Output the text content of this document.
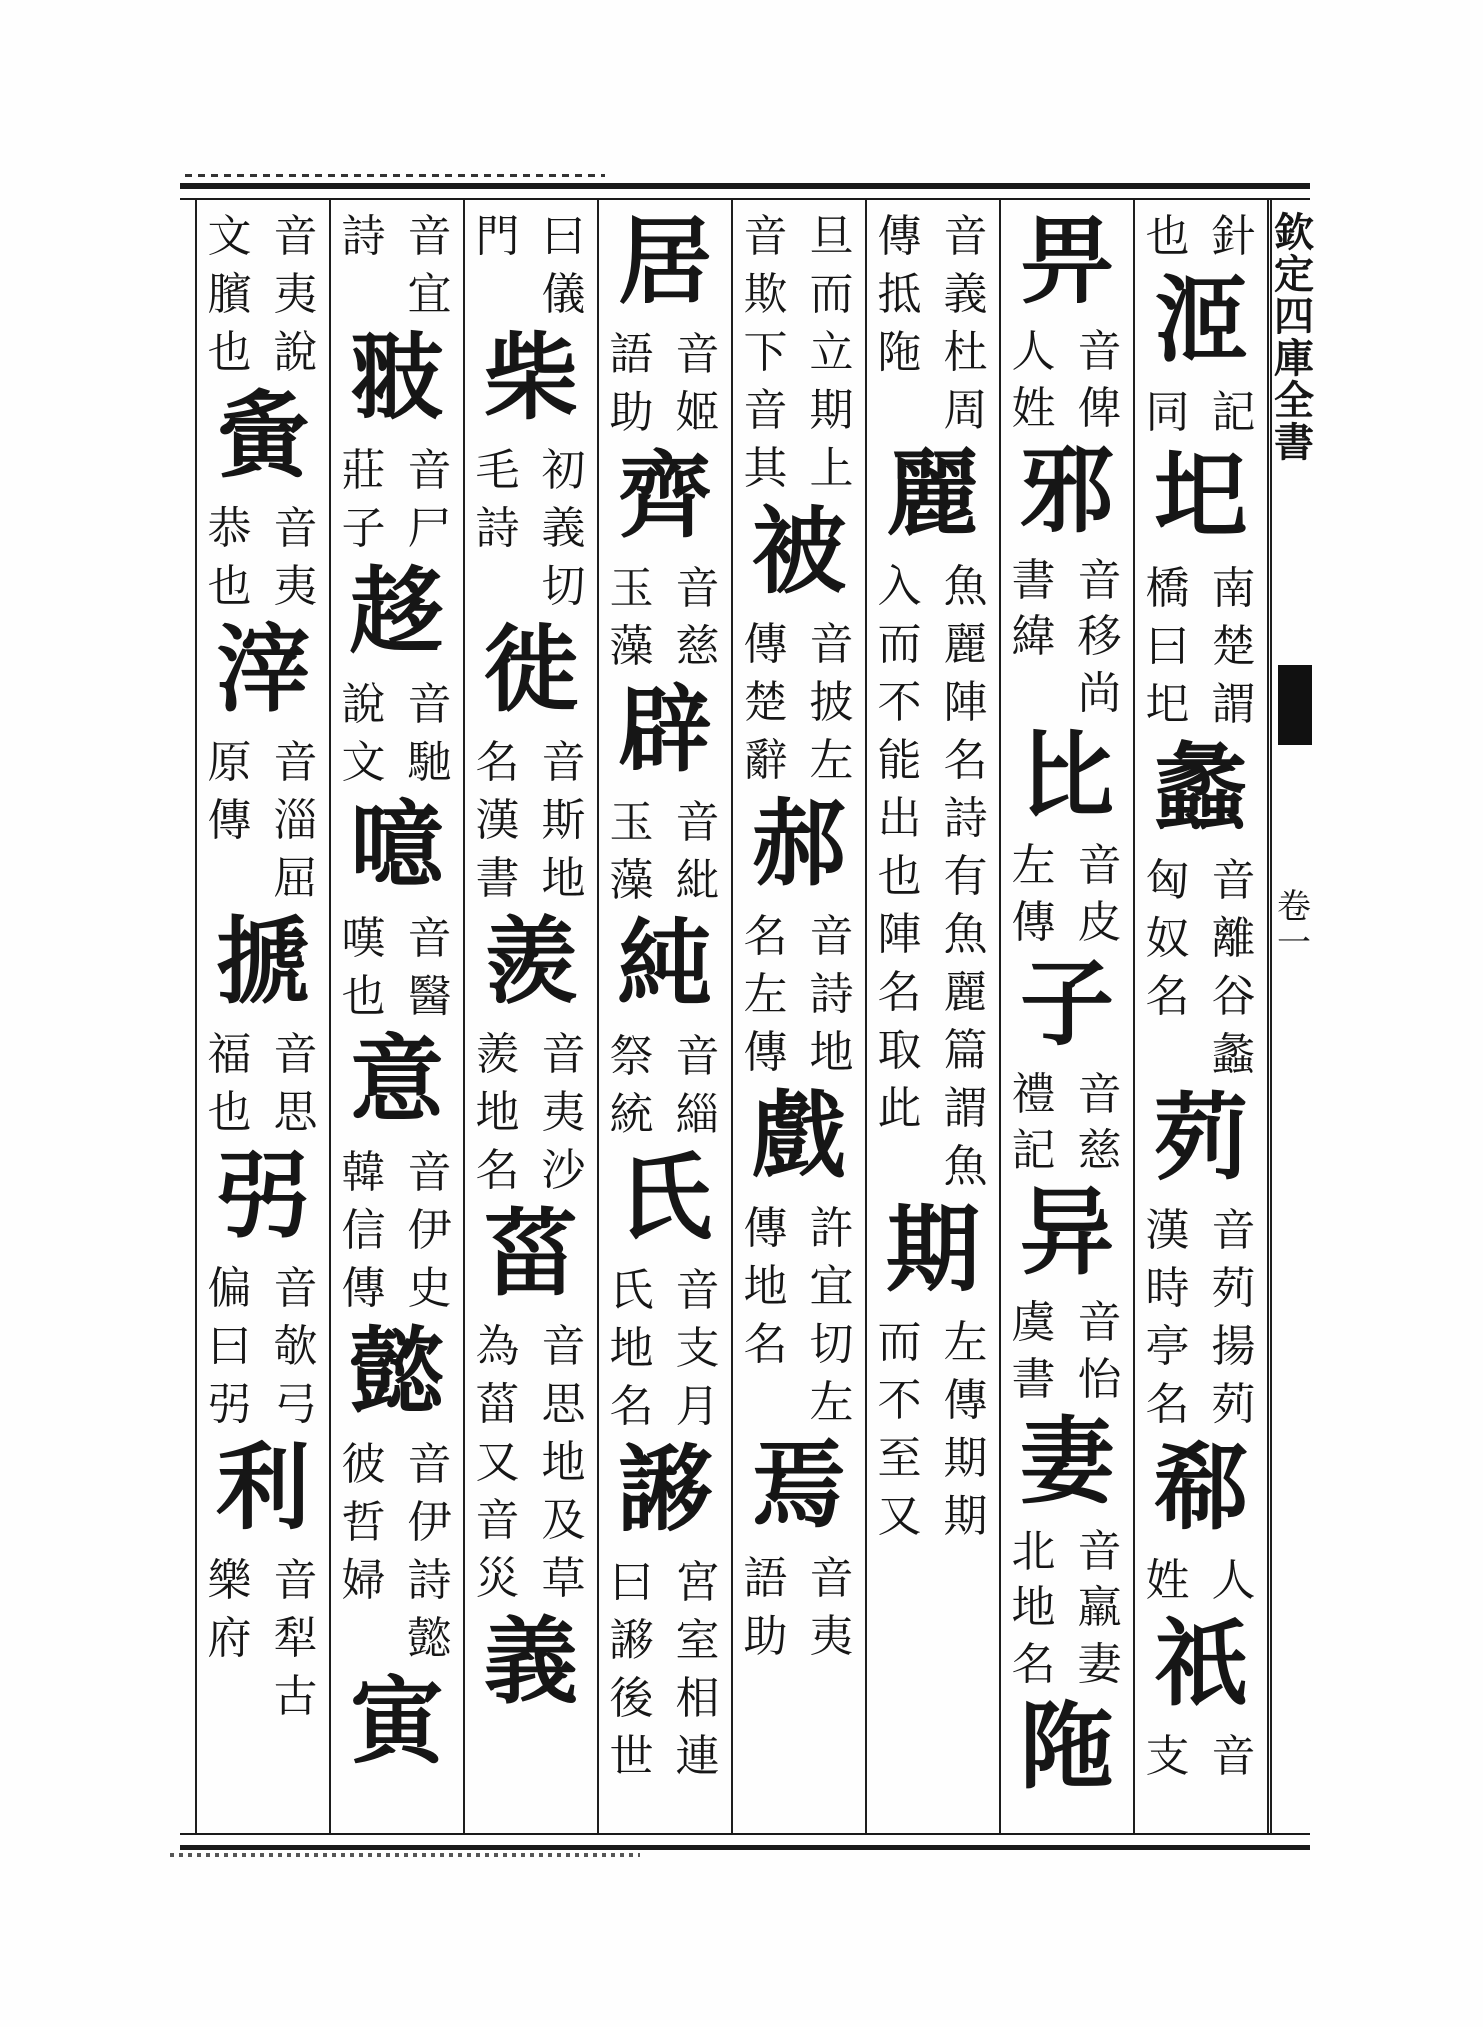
欽定四庫全書
卷一
針
也
洍
記
同
圯
南
橋
楚
曰
謂
圯
蠡
音
匈
離
奴
谷
名
蠡
茢
音
漢
茢
時
揚
亭
茢
名
郗
人
姓
祇
音
支
畀
音
人
俾
姓
邪
音
書
移
緯
尚
比
音
左
皮
傳
子
音
禮
慈
記
异
音
虞
怡
書
妻
音
北
羸
地
妻
名
陁
音
傳
義
抵
杜
陁
周
麗
魚
入
麗
而
陣
不
名
能
詩
出
有
也
魚
陣
麗
名
篇
取
謂
此
魚
期
左
而
傳
不
期
至
期
又
旦
音
而
欺
立
下
期
音
上
其
被
音
傳
披
楚
左
辭
郝
音
名
詩
左
地
傳
戲
許
傳
宜
地
切
名
左
焉
音
語
夷
助
居
音
語
姬
助
齊
音
玉
慈
藻
辟
音
玉
紕
藻
純
音
祭
緇
統
氏
音
氏
支
地
月
名
謻
宮
曰
室
謻
相
後
連
世
曰
門
儀
柴
初
毛
義
詩
切
徙
音
名
斯
漢
地
書
羨
音
羨
夷
地
沙
名
菑
音
為
思
菑
地
又
及
音
草
災
義
音
詩
宜
翄
音
莊
尸
子
趍
音
說
馳
文
噫
音
嘆
醫
也
意
音
韓
伊
信
史
傳
懿
音
彼
伊
哲
詩
婦
懿
寅
音
文
夷
臏
說
也
夤
音
恭
夷
也
滓
音
原
淄
傳
屈
搋
音
福
思
也
弜
音
偏
欹
曰
弓
弜
利
音
樂
犁
府
古
